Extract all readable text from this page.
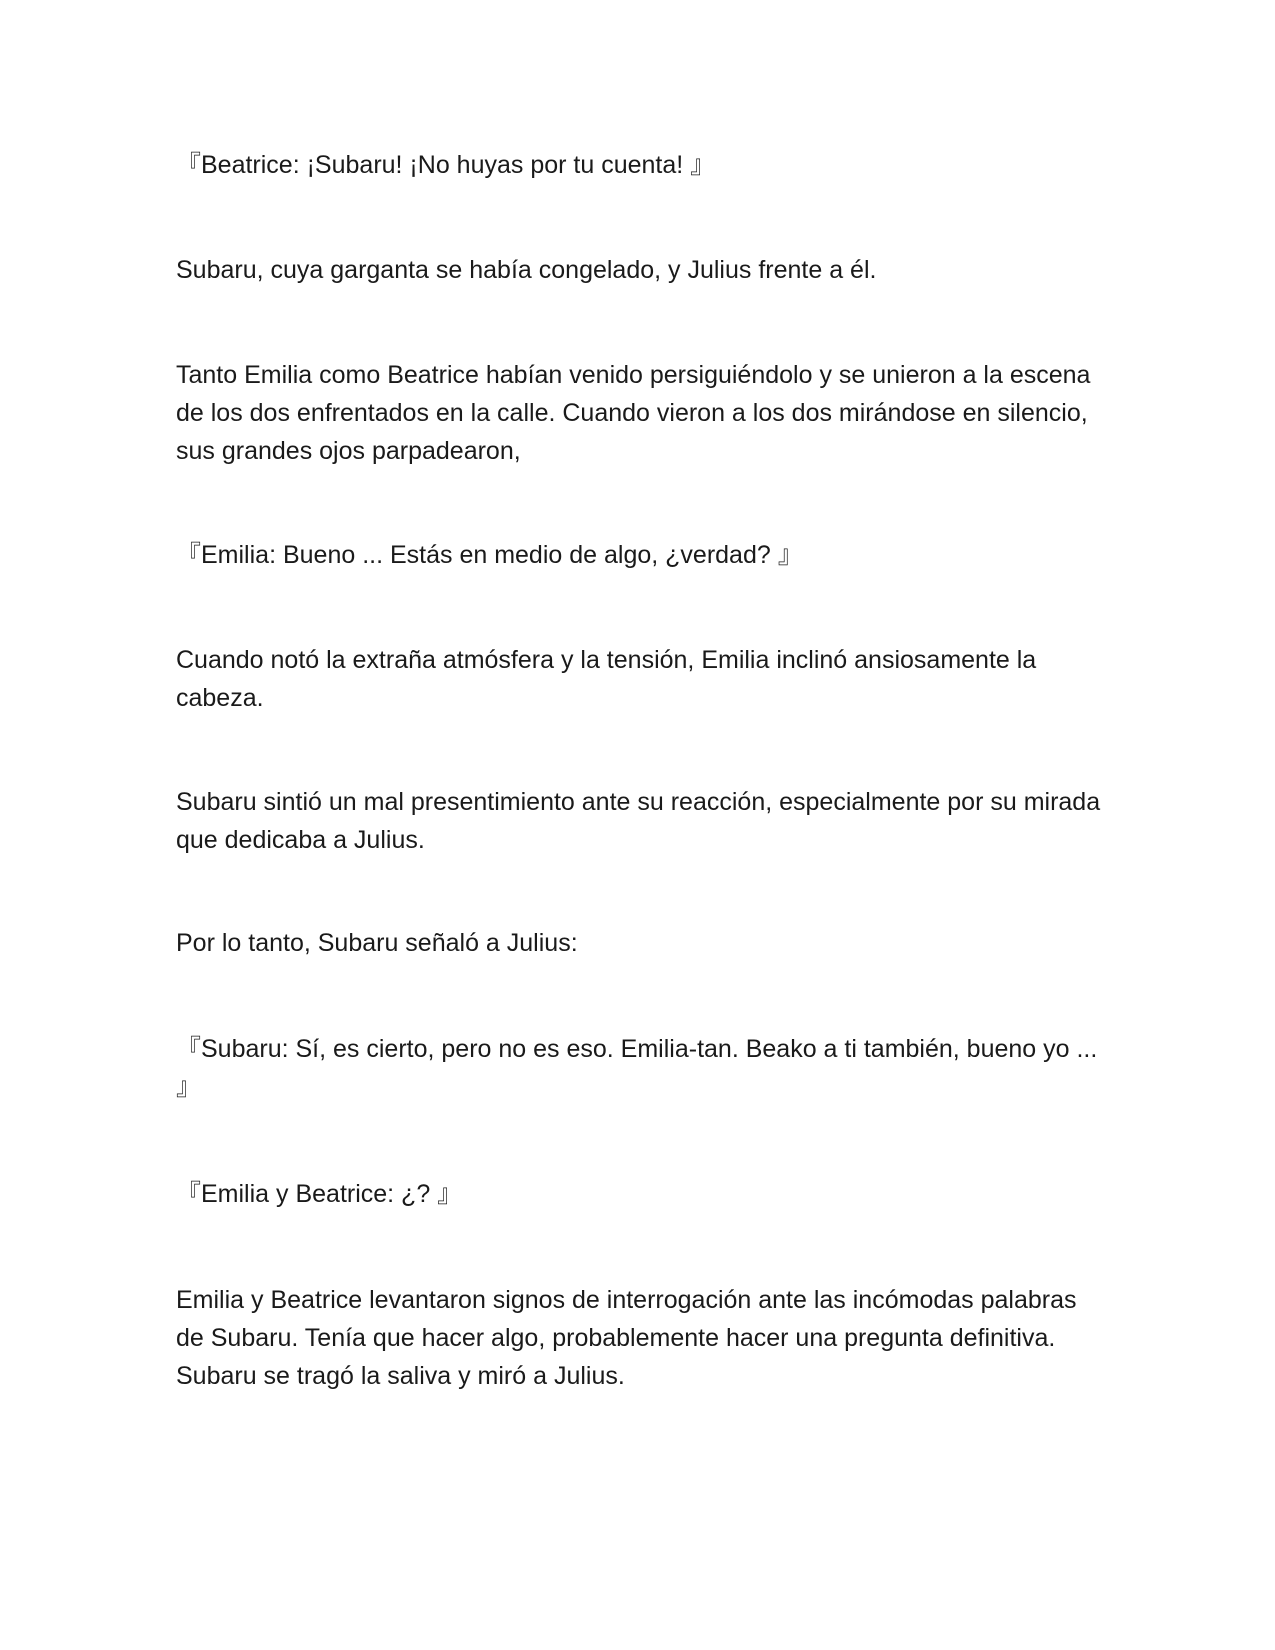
『Beatrice: ¡Subaru! ¡No huyas por tu cuenta! 』

Subaru, cuya garganta se había congelado, y Julius frente a él.

Tanto Emilia como Beatrice habían venido persiguiéndolo y se unieron a la escena de los dos enfrentados en la calle. Cuando vieron a los dos mirándose en silencio, sus grandes ojos parpadearon,

『Emilia: Bueno ... Estás en medio de algo, ¿verdad? 』

Cuando notó la extraña atmósfera y la tensión, Emilia inclinó ansiosamente la cabeza.

Subaru sintió un mal presentimiento ante su reacción, especialmente por su mirada que dedicaba a Julius.

Por lo tanto, Subaru señaló a Julius:

『Subaru: Sí, es cierto, pero no es eso. Emilia-tan. Beako a ti también, bueno yo ... 』

『Emilia y Beatrice: ¿? 』

Emilia y Beatrice levantaron signos de interrogación ante las incómodas palabras de Subaru. Tenía que hacer algo, probablemente hacer una pregunta definitiva. Subaru se tragó la saliva y miró a Julius.
